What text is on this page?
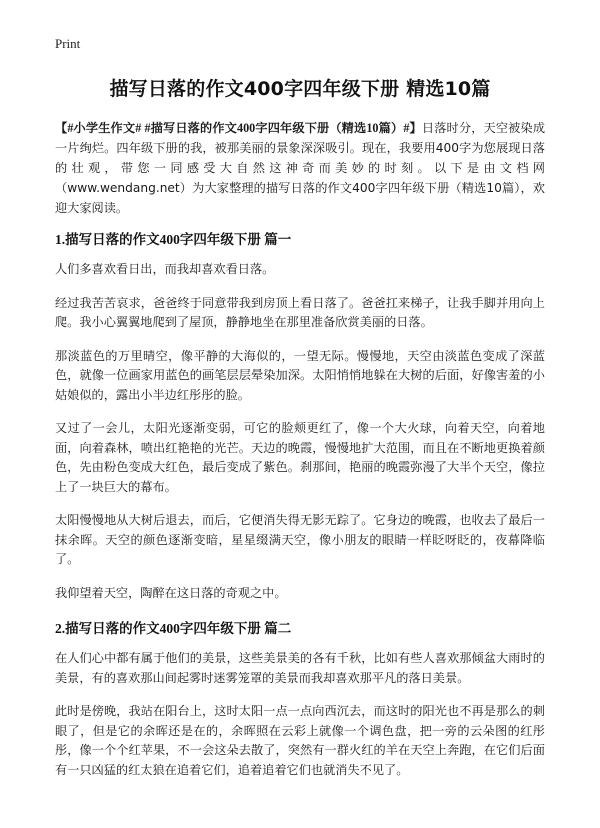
Print
描写日落的作文400字四年级下册 精选10篇

【#小学生作文# #描写日落的作文400字四年级下册（精选10篇）#】日落时分，天空被染成一片绚烂。四年级下册的我，被那美丽的景象深深吸引。现在，我要用400字为您展现日落的壮观，带您一同感受大自然这神奇而美妙的时刻。以下是由文档网（www.wendang.net）为大家整理的描写日落的作文400字四年级下册（精选10篇），欢迎大家阅读。

1.描写日落的作文400字四年级下册 篇一

人们多喜欢看日出，而我却喜欢看日落。

经过我苦苦哀求，爸爸终于同意带我到房顶上看日落了。爸爸扛来梯子，让我手脚并用向上爬。我小心翼翼地爬到了屋顶，静静地坐在那里准备欣赏美丽的日落。

那淡蓝色的万里晴空，像平静的大海似的，一望无际。慢慢地，天空由淡蓝色变成了深蓝色，就像一位画家用蓝色的画笔层层晕染加深。太阳悄悄地躲在大树的后面，好像害羞的小姑娘似的，露出小半边红彤彤的脸。

又过了一会儿，太阳光逐渐变弱，可它的脸颊更红了，像一个大火球，向着天空，向着地面，向着森林，喷出红艳艳的光芒。天边的晚霞，慢慢地扩大范围，而且在不断地更换着颜色，先由粉色变成大红色，最后变成了紫色。刹那间，艳丽的晚霞弥漫了大半个天空，像拉上了一块巨大的幕布。

太阳慢慢地从大树后退去，而后，它便消失得无影无踪了。它身边的晚霞，也收去了最后一抹余晖。天空的颜色逐渐变暗，星星缀满天空，像小朋友的眼睛一样眨呀眨的，夜幕降临了。

我仰望着天空，陶醉在这日落的奇观之中。

2.描写日落的作文400字四年级下册 篇二

在人们心中都有属于他们的美景，这些美景美的各有千秋，比如有些人喜欢那倾盆大雨时的美景，有的喜欢那山间起雾时迷雾笼罩的美景而我却喜欢那平凡的落日美景。

此时是傍晚，我站在阳台上，这时太阳一点一点向西沉去，而这时的阳光也不再是那么的刺眼了，但是它的余晖还是在的，余晖照在云彩上就像一个调色盘，把一旁的云朵图的红彤彤，像一个个红苹果，不一会这朵去散了，突然有一群火红的羊在天空上奔跑，在它们后面有一只凶猛的红太狼在追着它们，追着追着它们也就消失不见了。
